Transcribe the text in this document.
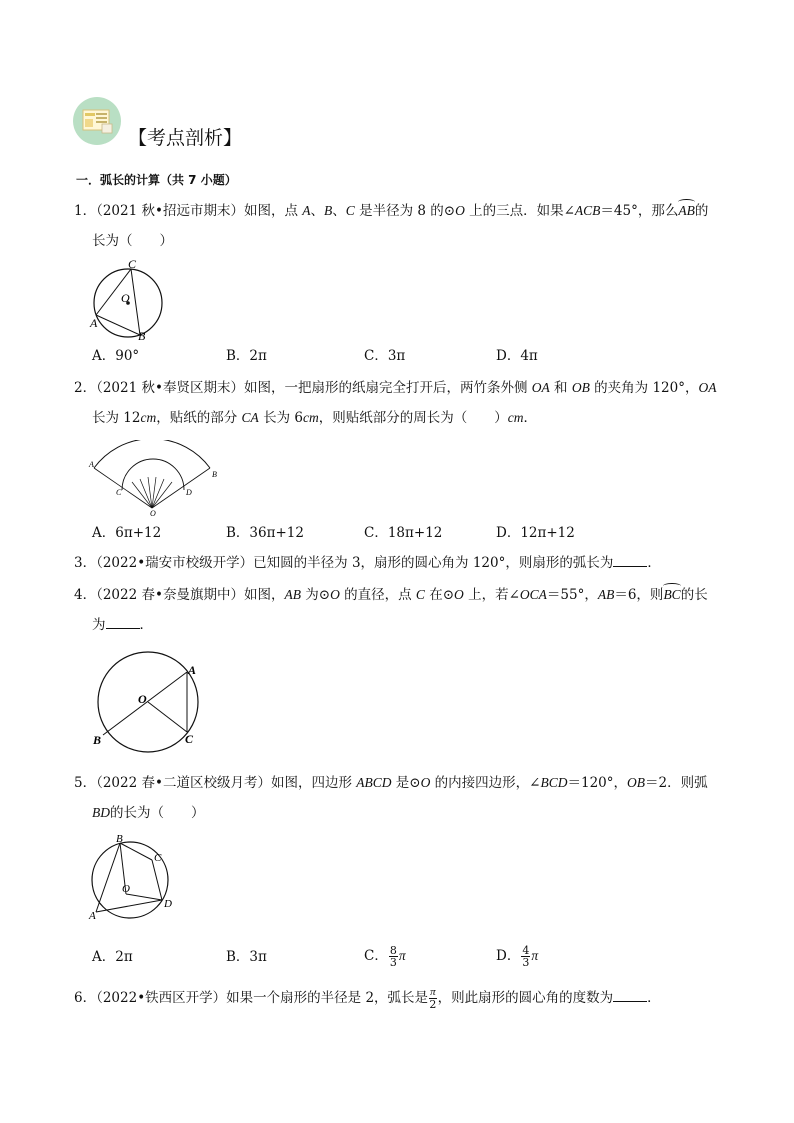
【考点剖析】
一．弧长的计算（共 7 小题）
1．（2021 秋•招远市期末）如图，点 A、B、C 是半径为 8 的⊙O 上的三点．如果∠ACB＝45°，那么AB的
长为（　　）
C
O
A
B
A．90°	B．2π	C．3π	D．4π
2．（2021 秋•奉贤区期末）如图，一把扇形的纸扇完全打开后，两竹条外侧 OA 和 OB 的夹角为 120°，OA
长为 12cm，贴纸的部分 CA 长为 6cm，则贴纸部分的周长为（　　）cm．
A
B
C	D
O
A．6π+12	B．36π+12	C．18π+12	D．12π+12
3．（2022•瑞安市校级开学）已知圆的半径为 3，扇形的圆心角为 120°，则扇形的弧长为	．
4．（2022 春•奈曼旗期中）如图，AB 为⊙O 的直径，点 C 在⊙O 上，若∠OCA＝55°，AB＝6，则BC的长
为	．
A
O
B	C
5．（2022 春•二道区校级月考）如图，四边形 ABCD 是⊙O 的内接四边形，∠BCD＝120°，OB＝2．则弧
BD的长为（　　）
B
C
O
D
A
A．2π	B．3π	C． $\frac{8}{3}$ π	D． $\frac{4}{3}$ π
6．（2022•铁西区开学）如果一个扇形的半径是 2，弧长是 $\frac{\pi}{2}$ ，则此扇形的圆心角的度数为	．
